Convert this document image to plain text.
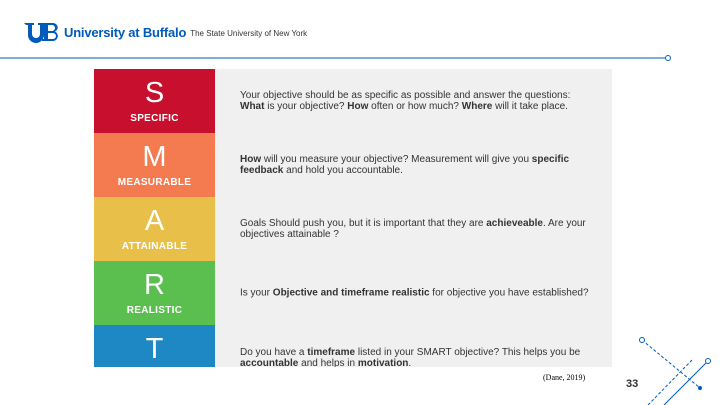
University at Buffalo The State University of New York
S
SPECIFIC
Your objective should be as specific as possible and answer the questions: What is your objective? How often or how much? Where will it take place.
M
MEASURABLE
How will you measure your objective? Measurement will give you specific feedback and hold you accountable.
A
ATTAINABLE
Goals Should push you, but it is important that they are achieveable. Are your objectives attainable ?
R
REALISTIC
Is your Objective and timeframe realistic for objective you have established?
T	Do you have a timeframe listed in your SMART objective? This helps you be accountable and helps in motivation.
(Dane, 2019)
33
